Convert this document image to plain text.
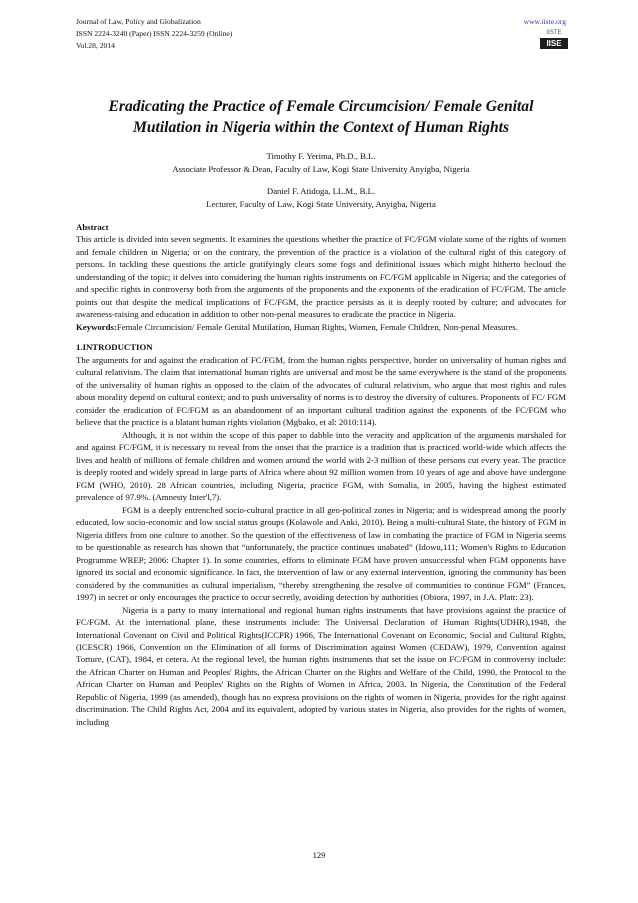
Journal of Law, Policy and Globalization
ISSN 2224-3240 (Paper) ISSN 2224-3259 (Online)
Vol.28, 2014
www.iiste.org
IISTE
IISE
Eradicating the Practice of Female Circumcision/ Female Genital
Mutilation in Nigeria within the Context of Human Rights
Timothy F. Yerima, Ph.D., B.L.
Associate Professor & Dean, Faculty of Law, Kogi State University Anyigba, Nigeria
Daniel F. Atidoga, LL.M., B.L.
Lecturer, Faculty of Law, Kogi State University, Anyigba, Nigeria
Abstract

This article is divided into seven segments. It examines the questions whether the practice of FC/FGM violate some of the rights of women and female children in Nigeria; or on the contrary, the prevention of the practice is a violation of the cultural right of this category of persons. In tackling these questions the article gratifyingly clears some fogs and definitional issues which might hitherto becloud the understanding of the topic; it delves into considering the human rights instruments on FC/FGM applicable in Nigeria; and the categories of and specific rights in controversy both from the arguments of the proponents and the exponents of the eradication of FC/FGM. The article points out that despite the medical implications of FC/FGM, the practice persists as it is deeply rooted by culture; and advocates for awareness-raising and education in addition to other non-penal measures to eradicate the practice in Nigeria.

Keywords:Female Circumcision/ Female Genital Mutilation, Human Rights, Women, Female Children, Non-penal Measures.

1.INTRODUCTION

The arguments for and against the eradication of FC/FGM, from the human rights perspective, border on universality of human rights and cultural relativism. The claim that international human rights are universal and most be the same everywhere is the stand of the proponents of the universality of human rights as opposed to the claim of the advocates of cultural relativism, who argue that most rights and rules about morality depend on cultural context; and to push universality of norms is to destroy the diversity of cultures. Proponents of FC/ FGM consider the eradication of FC/FGM as an abandonment of an important cultural tradition against the exponents of the FC/FGM who believe that the practice is a blatant human rights violation (Mgbako, et al: 2010:114).

Although, it is not within the scope of this paper to dabble into the veracity and application of the arguments marshaled for and against FC/FGM, it is necessary to reveal from the onset that the practice is a tradition that is practiced world-wide which affects the lives and health of millions of female children and women around the world with 2-3 million of these persons cut every year. The practice is deeply rooted and widely spread in large parts of Africa where about 92 million women from 10 years of age and above have undergone FGM (WHO, 2010). 28 African countries, including Nigeria, practice FGM, with Somalia, in 2005, having the highest estimated prevalence of 97.9%. (Amnesty Inter'l,7).

FGM is a deeply entrenched socio-cultural practice in all geo-political zones in Nigeria; and is widespread among the poorly educated, low socio-economic and low social status groups (Kolawole and Anki, 2010). Being a multi-cultural State, the history of FGM in Nigeria differs from one culture to another. So the question of the effectiveness of law in combating the practice of FGM in Nigeria seems to be questionable as research has shown that “unfortunately, the practice continues unabated” (Idowu,111; Women's Rights to Education Programme WREP; 2006: Chapter 1). In some countries, efforts to eliminate FGM have proven unsuccessful when FGM opponents have ignored its social and economic significance. In fact, the intervention of law or any external intervention, ignoring the community has been considered by the communities as cultural imperialism, “thereby strengthening the resolve of communities to continue FGM” (Frances, 1997) in secret or only encourages the practice to occur secretly, avoiding detection by authorities (Obiora, 1997, in J.A. Platt: 23).

Nigeria is a party to many international and regional human rights instruments that have provisions against the practice of FC/FGM. At the international plane, these instruments include: The Universal Declaration of Human Rights(UDHR),1948, the International Covenant on Civil and Political Rights(ICCPR) 1966, The International Covenant on Economic, Social and Cultural Rights,(ICESCR) 1966, Convention on the Elimination of all forms of Discrimination against Women (CEDAW), 1979, Convention against Torture, (CAT), 1984, et cetera. At the regional level, the human rights instruments that set the issue on FC/FGM in controversy include: the African Charter on Human and Peoples' Rights, the African Charter on the Rights and Welfare of the Child, 1990, the Protocol to the African Charter on Human and Peoples' Rights on the Rights of Women in Africa, 2003. In Nigeria, the Constitution of the Federal Republic of Nigeria, 1999 (as amended), though has no express provisions on the rights of women in Nigeria, provides for the right against discrimination. The Child Rights Act, 2004 and its equivalent, adopted by various states in Nigeria, also provides for the rights of women, including

129
